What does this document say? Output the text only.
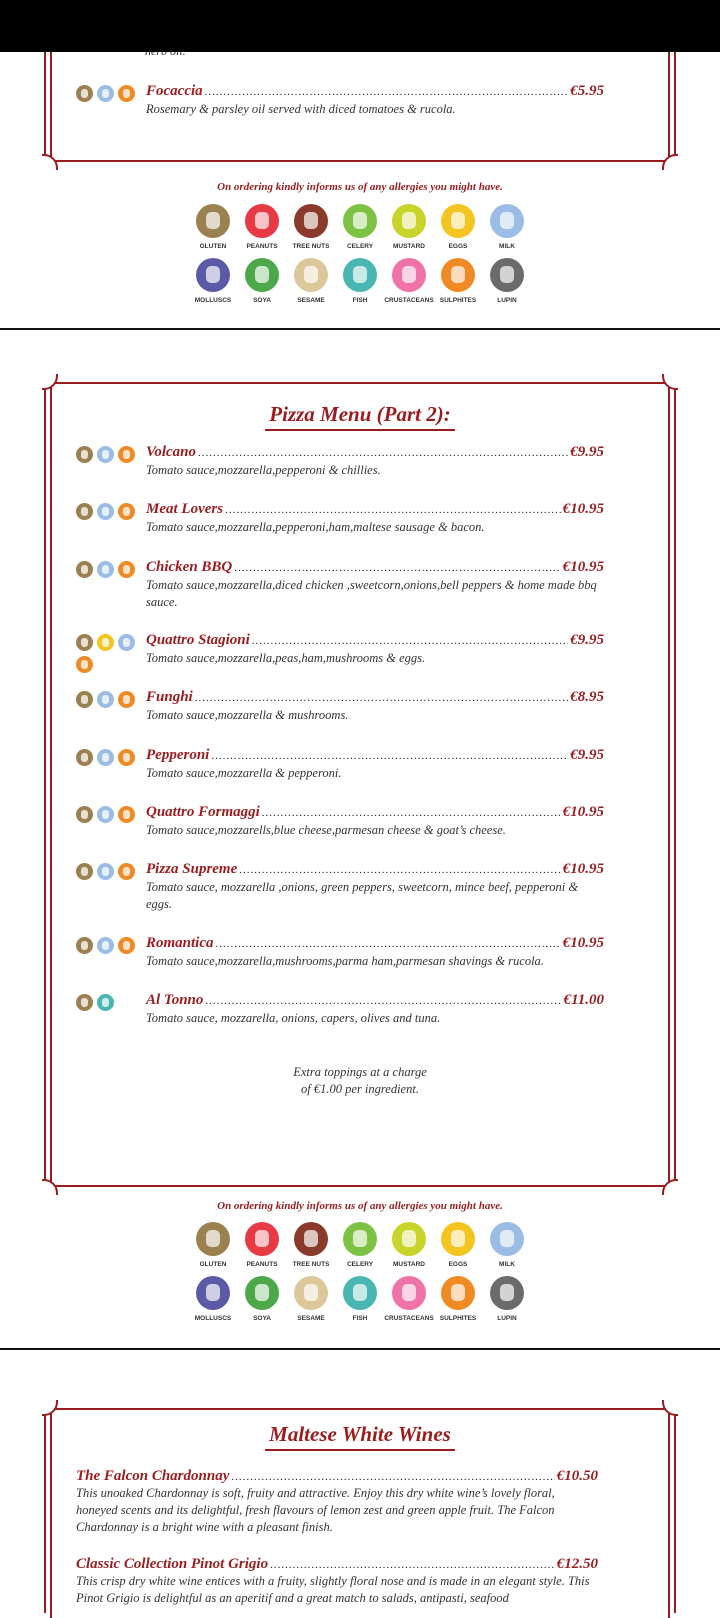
Focaccia .....	€5.95
Rosemary & parsley oil served with diced tomatoes & rucola.
On ordering kindly informs us of any allergies you might have.
GLUTEN	PEANUTS	TREE NUTS	CELERY	MUSTARD	EGGS	MILK
MOLLUSCS	SOYA	SESAME	FISH	CRUSTACEANS SULPHITES	LUPIN
Pizza Menu (Part 2):
Volcano .....	€9.95
Tomato sauce,mozzarella,pepperoni & chillies.
Meat Lovers .....	€10.95
Tomato sauce,mozzarella,pepperoni,ham,maltese sausage & bacon.
Chicken BBQ .....	€10.95
Tomato sauce,mozzarella,diced chicken ,sweetcorn,onions,bell peppers & home made bbq sauce.
Quattro Stagioni .....	€9.95
Tomato sauce,mozzarella,peas,ham,mushrooms & eggs.
Funghi .....	€8.95
Tomato sauce,mozzarella & mushrooms.
Pepperoni .....	€9.95
Tomato sauce,mozzarella & pepperoni.
Quattro Formaggi .....	€10.95
Tomato sauce,mozzarells,blue cheese,parmesan cheese & goat’s cheese.
Pizza Supreme .....	€10.95
Tomato sauce, mozzarella ,onions, green peppers, sweetcorn, mince beef, pepperoni & eggs.
Romantica .....	€10.95
Tomato sauce,mozzarella,mushrooms,parma ham,parmesan shavings & rucola.
Al Tonno .....	€11.00
Tomato sauce, mozzarella, onions, capers, olives and tuna.
Extra toppings at a charge
of €1.00 per ingredient.
On ordering kindly informs us of any allergies you might have.
GLUTEN	PEANUTS	TREE NUTS	CELERY	MUSTARD	EGGS	MILK
MOLLUSCS	SOYA	SESAME	FISH	CRUSTACEANS SULPHITES	LUPIN
Maltese White Wines
The Falcon Chardonnay .....	€10.50
This unoaked Chardonnay is soft, fruity and attractive. Enjoy this dry white wine’s lovely floral, honeyed scents and its delightful, fresh flavours of lemon zest and green apple fruit. The Falcon Chardonnay is a bright wine with a pleasant finish.
Classic Collection Pinot Grigio .....	€12.50
This crisp dry white wine entices with a fruity, slightly floral nose and is made in an elegant style. This Pinot Grigio is delightful as an aperitif and a great match to salads, antipasti, seafood
